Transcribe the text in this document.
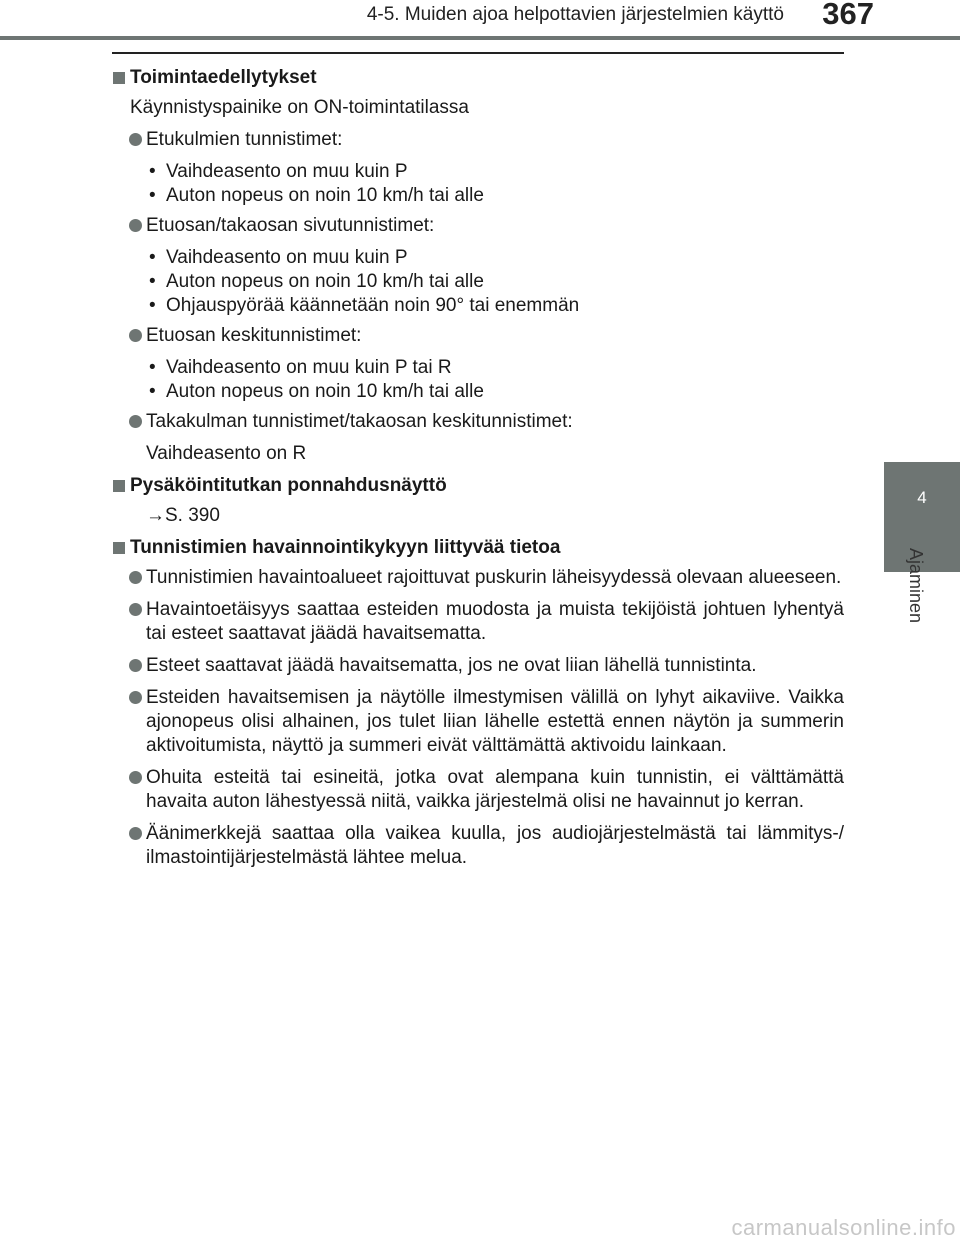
4-5. Muiden ajoa helpottavien järjestelmien käyttö 367
4
Ajaminen
Toimintaedellytykset

Käynnistyspainike on ON-toimintatilassa

Etukulmien tunnistimet:
• Vaihdeasento on muu kuin P
• Auton nopeus on noin 10 km/h tai alle
Etuosan/takaosan sivutunnistimet:
• Vaihdeasento on muu kuin P
• Auton nopeus on noin 10 km/h tai alle
• Ohjauspyörää käännetään noin 90° tai enemmän
Etuosan keskitunnistimet:
• Vaihdeasento on muu kuin P tai R
• Auton nopeus on noin 10 km/h tai alle
Takakulman tunnistimet/takaosan keskitunnistimet:

Vaihdeasento on R

Pysäköintitutkan ponnahdusnäyttö

→S. 390

Tunnistimien havainnointikykyyn liittyvää tietoa
Tunnistimien havaintoalueet rajoittuvat puskurin läheisyydessä olevaan alueeseen.
Havaintoetäisyys saattaa esteiden muodosta ja muista tekijöistä johtuen lyhentyä tai esteet saattavat jäädä havaitsematta.
Esteet saattavat jäädä havaitsematta, jos ne ovat liian lähellä tunnistinta.
Esteiden havaitsemisen ja näytölle ilmestymisen välillä on lyhyt aikaviive. Vaikka ajonopeus olisi alhainen, jos tulet liian lähelle estettä ennen näytön ja summerin aktivoitumista, näyttö ja summeri eivät välttämättä aktivoidu lainkaan.
Ohuita esteitä tai esineitä, jotka ovat alempana kuin tunnistin, ei välttämättä havaita auton lähestyessä niitä, vaikka järjestelmä olisi ne havainnut jo kerran.
Äänimerkkejä saattaa olla vaikea kuulla, jos audiojärjestelmästä tai lämmitys-/ ilmastointijärjestelmästä lähtee melua.
carmanualsonline.info
